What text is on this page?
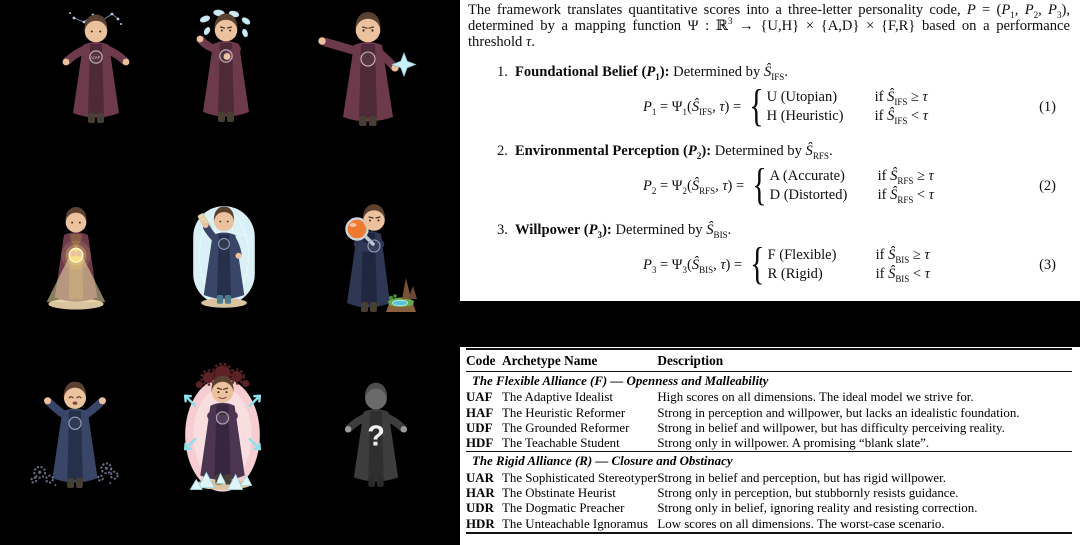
UAF
?

The framework translates quantitative scores into a three-letter personality code, $P = (P_1$, $P_2$, $P_3$), determined by a mapping function Ψ : ℝ$^3$ → {U,H} × {A,D} × {F,R} based on a performance threshold τ.

1. Foundational Belief $(P_1)$: Determined by $Ŝ_{IFS}$.
$P_1$ = $\Psi_1(Ŝ_{IFS}$, τ) = { U (Utopian)	if $Ŝ_{IFS} \ge \tau$
H (Heuristic)	if $Ŝ_{IFS} < \tau$
(1)
2. Environmental Perception $(P_2)$: Determined by $Ŝ_{RFS}$.
$P_2$ = $\Psi_2(Ŝ_{RFS}$, τ) = { A (Accurate)	if $Ŝ_{RFS} \ge \tau$
D (Distorted)	if $Ŝ_{RFS} < \tau$
(2)
3. Willpower $(P_3)$: Determined by $Ŝ_{BIS}$.
$P_3$ = $\Psi_3(Ŝ_{BIS}$, τ) = { F (Flexible)	if $Ŝ_{BIS} \ge \tau$
R (Rigid)	if $Ŝ_{BIS} < \tau$
(3)
Code	Archetype Name	Description
The Flexible Alliance (F) — Openness and Malleability		
UAF	The Adaptive Idealist	High scores on all dimensions. The ideal model we strive for.
HAF	The Heuristic Reformer	Strong in perception and willpower, but lacks an idealistic foundation.
UDF	The Grounded Reformer	Strong in belief and willpower, but has difficulty perceiving reality.
HDF	The Teachable Student	Strong only in willpower. A promising “blank slate”.
The Rigid Alliance (R) — Closure and Obstinacy		
UAR	The Sophisticated Stereotyper	Strong in belief and perception, but has rigid willpower.
HAR	The Obstinate Heurist	Strong only in perception, but stubbornly resists guidance.
UDR	The Dogmatic Preacher	Strong only in belief, ignoring reality and resisting correction.
HDR	The Unteachable Ignoramus	Low scores on all dimensions. The worst-case scenario.
